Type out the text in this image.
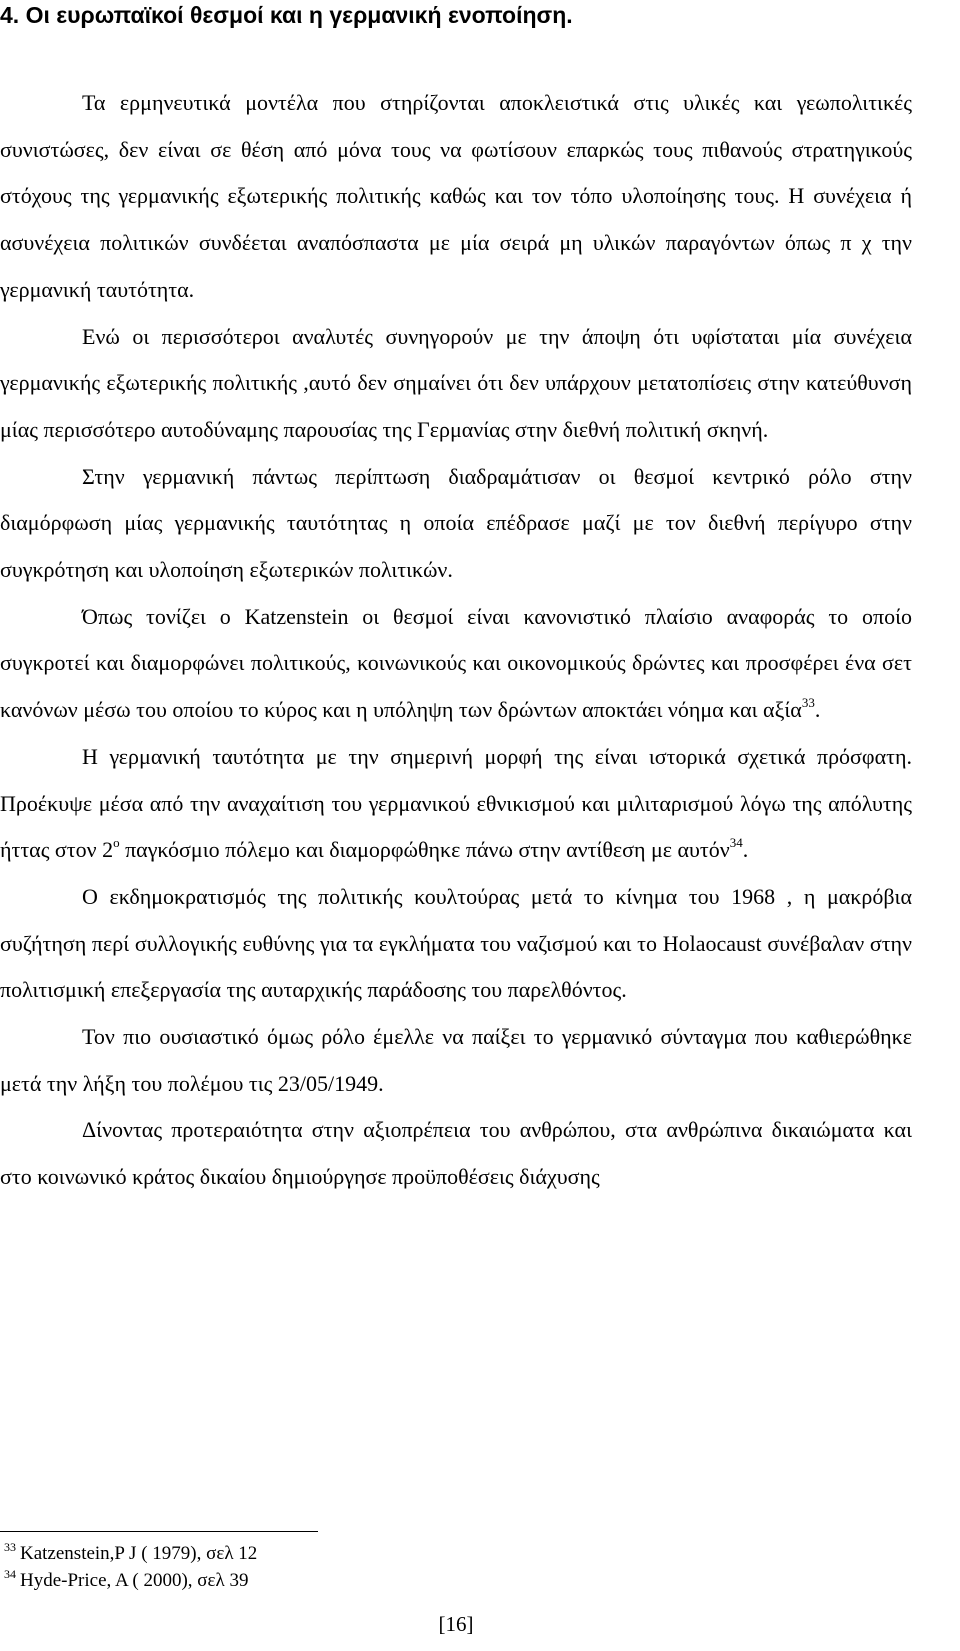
4. Οι ευρωπαϊκοί θεσμοί και η γερμανική ενοποίηση.

Τα ερμηνευτικά μοντέλα που στηρίζονται αποκλειστικά στις υλικές και γεωπολιτικές συνιστώσες, δεν είναι σε θέση από μόνα τους να φωτίσουν επαρκώς τους πιθανούς στρατηγικούς στόχους της γερμανικής εξωτερικής πολιτικής καθώς και τον τόπο υλοποίησης τους. Η συνέχεια ή ασυνέχεια πολιτικών συνδέεται αναπόσπαστα με μία σειρά μη υλικών παραγόντων όπως π χ την γερμανική ταυτότητα.

Ενώ οι περισσότεροι αναλυτές συνηγορούν με την άποψη ότι υφίσταται μία συνέχεια γερμανικής εξωτερικής πολιτικής ,αυτό δεν σημαίνει ότι δεν υπάρχουν μετατοπίσεις στην κατεύθυνση μίας περισσότερο αυτοδύναμης παρουσίας της Γερμανίας στην διεθνή πολιτική σκηνή.

Στην γερμανική πάντως περίπτωση διαδραμάτισαν οι θεσμοί κεντρικό ρόλο στην διαμόρφωση μίας γερμανικής ταυτότητας η οποία επέδρασε μαζί με τον διεθνή περίγυρο στην συγκρότηση και υλοποίηση εξωτερικών πολιτικών.

Όπως τονίζει ο Katzenstein οι θεσμοί είναι κανονιστικό πλαίσιο αναφοράς το οποίο συγκροτεί και διαμορφώνει πολιτικούς, κοινωνικούς και οικονομικούς δρώντες και προσφέρει ένα σετ κανόνων μέσω του οποίου το κύρος και η υπόληψη των δρώντων αποκτάει νόημα και αξία$^{33}$.

Η γερμανική ταυτότητα με την σημερινή μορφή της είναι ιστορικά σχετικά πρόσφατη. Προέκυψε μέσα από την αναχαίτιση του γερμανικού εθνικισμού και μιλιταρισμού λόγω της απόλυτης ήττας στον $2^o$ παγκόσμιο πόλεμο και διαμορφώθηκε πάνω στην αντίθεση με αυτόν$^{34}$.

Ο εκδημοκρατισμός της πολιτικής κουλτούρας μετά το κίνημα του 1968 , η μακρόβια συζήτηση περί συλλογικής ευθύνης για τα εγκλήματα του ναζισμού και το Holaocaust συνέβαλαν στην πολιτισμική επεξεργασία της αυταρχικής παράδοσης του παρελθόντος.

Τον πιο ουσιαστικό όμως ρόλο έμελλε να παίξει το γερμανικό σύνταγμα που καθιερώθηκε μετά την λήξη του πολέμου τις 23/05/1949.

Δίνοντας προτεραιότητα στην αξιοπρέπεια του ανθρώπου, στα ανθρώπινα δικαιώματα και στο κοινωνικό κράτος δικαίου δημιούργησε προϋποθέσεις διάχυσης

$^{33}$ Katzenstein,P J ( 1979), σελ 12
$^{34}$ Hyde-Price, A ( 2000), σελ 39
[16]
